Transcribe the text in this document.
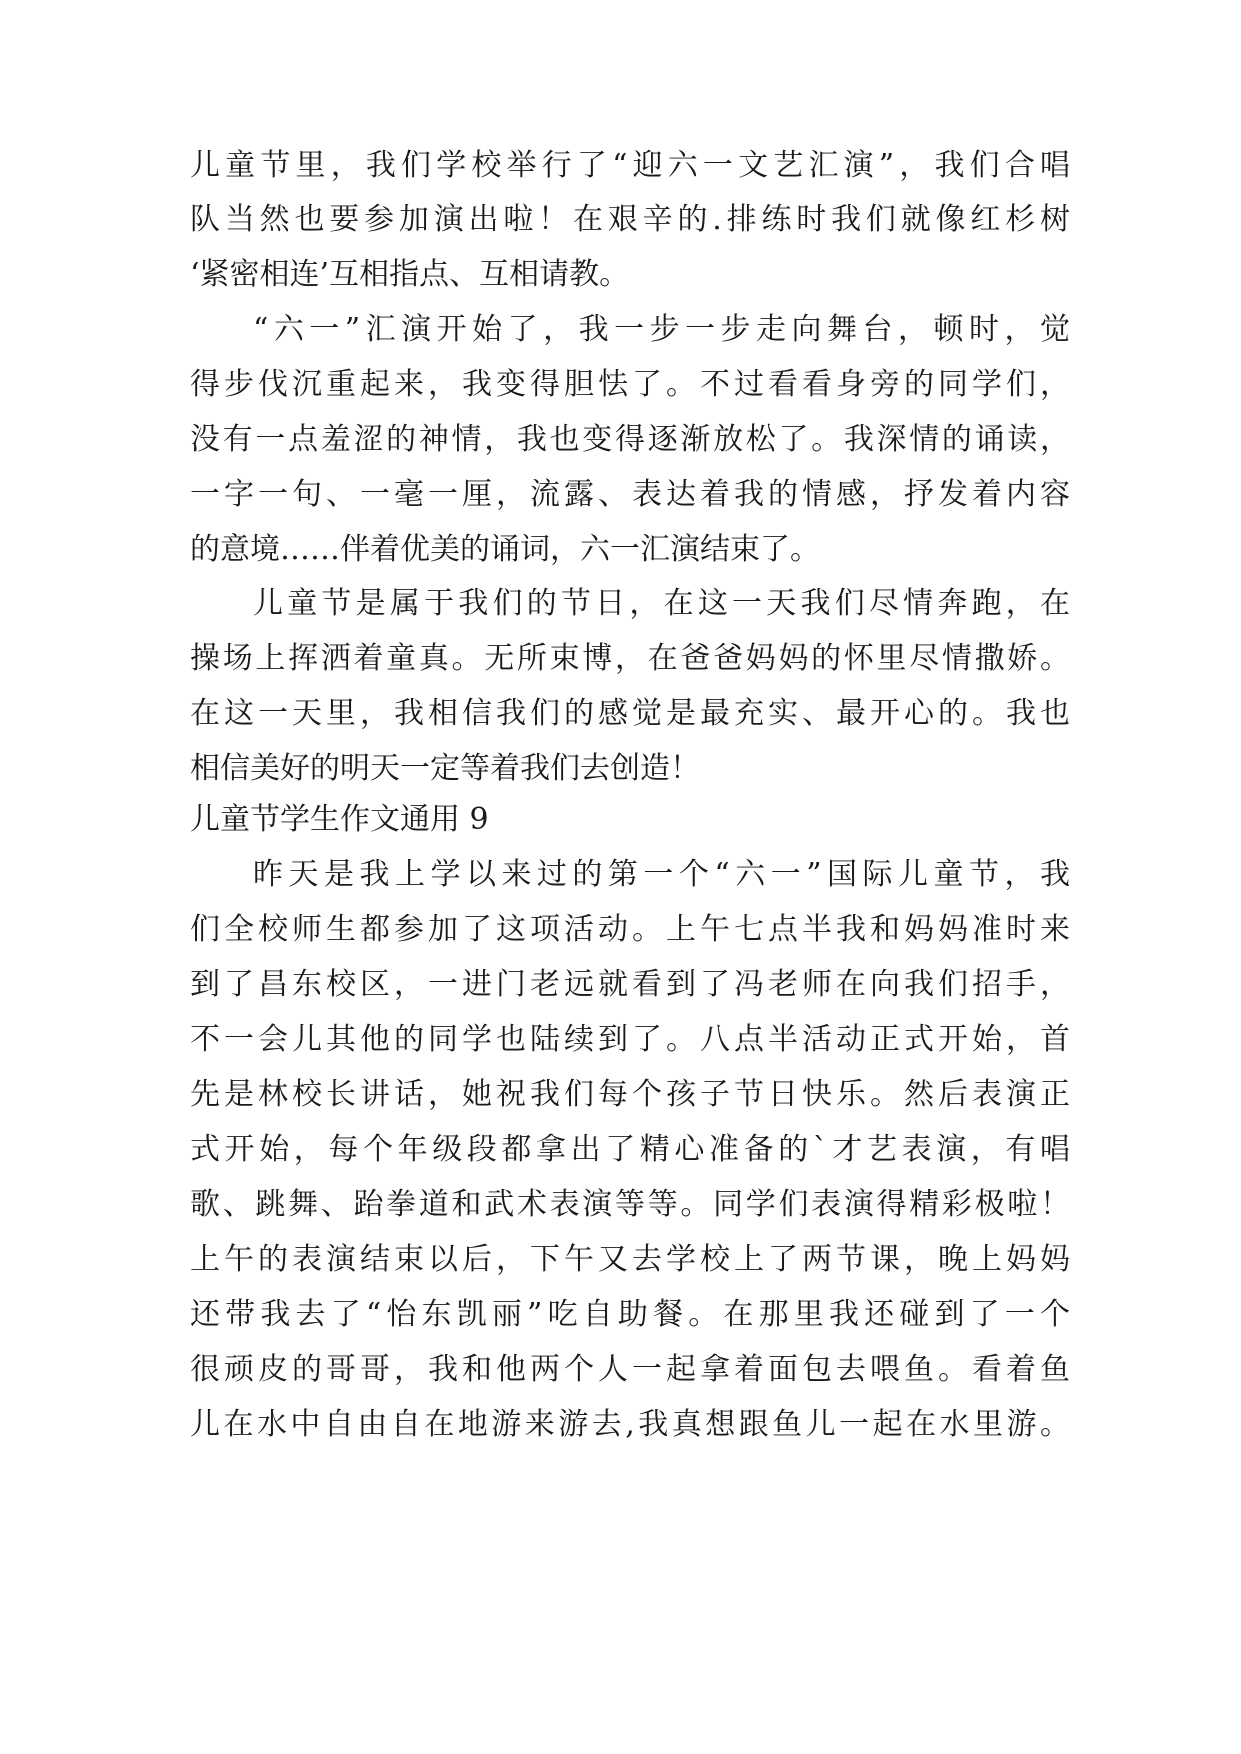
儿童节里，我们学校举行了“迎六一文艺汇演”，我们合唱

队当然也要参加演出啦！在艰辛的.排练时我们就像红杉树

‘紧密相连’互相指点、互相请教。

“六一”汇演开始了，我一步一步走向舞台，顿时，觉

得步伐沉重起来，我变得胆怯了。不过看看身旁的同学们，

没有一点羞涩的神情，我也变得逐渐放松了。我深情的诵读，

一字一句、一毫一厘，流露、表达着我的情感，抒发着内容

的意境……伴着优美的诵词，六一汇演结束了。

儿童节是属于我们的节日，在这一天我们尽情奔跑，在

操场上挥洒着童真。无所束博，在爸爸妈妈的怀里尽情撒娇。

在这一天里，我相信我们的感觉是最充实、最开心的。我也

相信美好的明天一定等着我们去创造！

儿童节学生作文通用 9

昨天是我上学以来过的第一个“六一”国际儿童节，我

们全校师生都参加了这项活动。上午七点半我和妈妈准时来

到了昌东校区，一进门老远就看到了冯老师在向我们招手，

不一会儿其他的同学也陆续到了。八点半活动正式开始，首

先是林校长讲话，她祝我们每个孩子节日快乐。然后表演正

式开始，每个年级段都拿出了精心准备的`才艺表演，有唱

歌、跳舞、跆拳道和武术表演等等。同学们表演得精彩极啦！

上午的表演结束以后，下午又去学校上了两节课，晚上妈妈

还带我去了“怡东凯丽”吃自助餐。在那里我还碰到了一个

很顽皮的哥哥，我和他两个人一起拿着面包去喂鱼。看着鱼

儿在水中自由自在地游来游去,我真想跟鱼儿一起在水里游。
